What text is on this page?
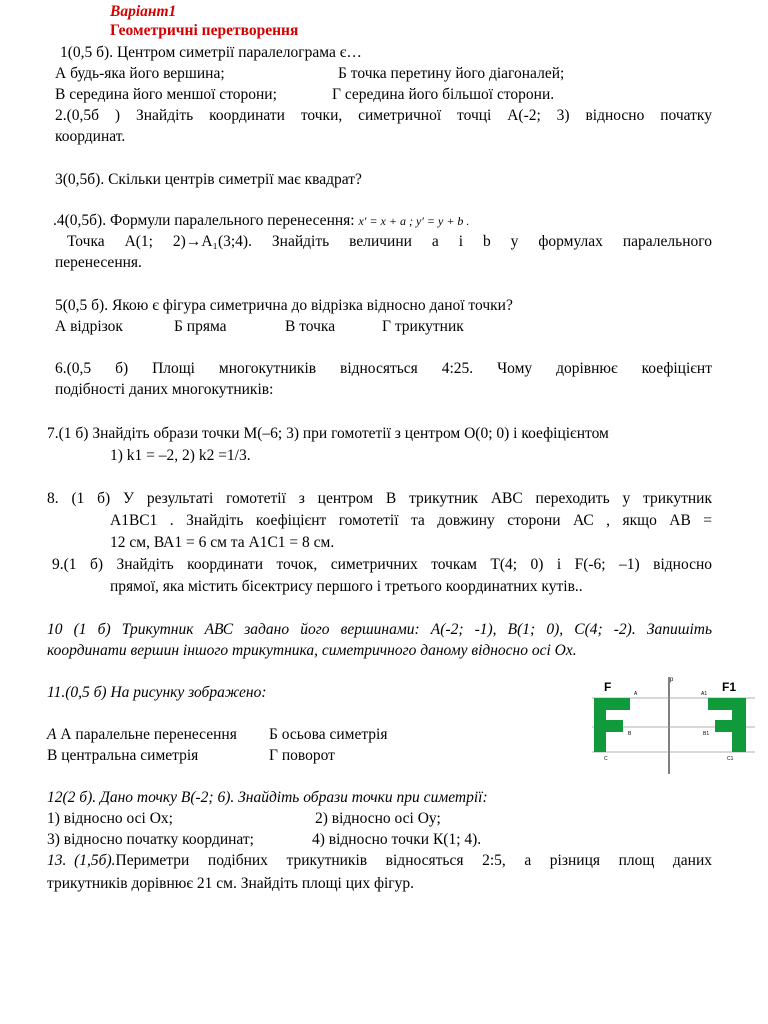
Варіант1
Геометричні перетворення
1(0,5 б). Центром симетрії паралелограма є…
А будь-яка його вершина;	Б точка перетину його діагоналей;
В середина його меншої сторони;	Г середина його більшої сторони.
2.(0,5б ) Знайдіть координати точки, симетричної точці А(-2; 3) відносно початку
координат.
3(0,5б). Скільки центрів симетрії має квадрат?
.4(0,5б). Формули паралельного перенесення: x′ = x + a ; y′ = y + b .
Точка А(1; 2)→А₁(3;4). Знайдіть величини а і b у формулах паралельного
перенесення.
5(0,5 б). Якою є фігура симетрична до відрізка відносно даної точки?
А відрізок	Б пряма	В точка	Г трикутник
6.(0,5 б) Площі многокутників відносяться 4:25. Чому дорівнює коефіцієнт
подібності даних многокутників:
7.(1 б) Знайдіть образи точки М(–6; 3) при гомотетії з центром О(0; 0) і коефіцієнтом
1) k1 = –2, 2) k2 =1/3.
8. (1 б) У результаті гомотетії з центром В трикутник АВС переходить у трикутник
А1ВС1 . Знайдіть коефіцієнт гомотетії та довжину сторони АС , якщо АВ =
12 см, ВА1 = 6 см та А1С1 = 8 см.
9.(1 б) Знайдіть координати точок, симетричних точкам Т(4; 0) і F(-6; –1) відносно
прямої, яка містить бісектрису першого і третього координатних кутів..
10 (1 б) Трикутник АВС задано його вершинами: А(-2; -1), В(1; 0), С(4; -2). Запишіть
координати вершин іншого трикутника, симетричного даному відносно осі Ох.
11.(0,5 б) На рисунку зображено:
А А паралельне перенесення Б осьова симетрія
В центральна симетрія	Г поворот
F	F1
p
A	A1
B	B1
C	C1
12(2 б). Дано точку В(-2; 6). Знайдіть образи точки при симетрії:
1) відносно осі Ох;	2) відносно осі Оу;
3) відносно початку координат;	4) відносно точки К(1; 4).
13.  (1,5б). Периметри подібних трикутників відносяться 2:5, а різниця площ даних
трикутників дорівнює 21 см. Знайдіть площі цих фігур.
